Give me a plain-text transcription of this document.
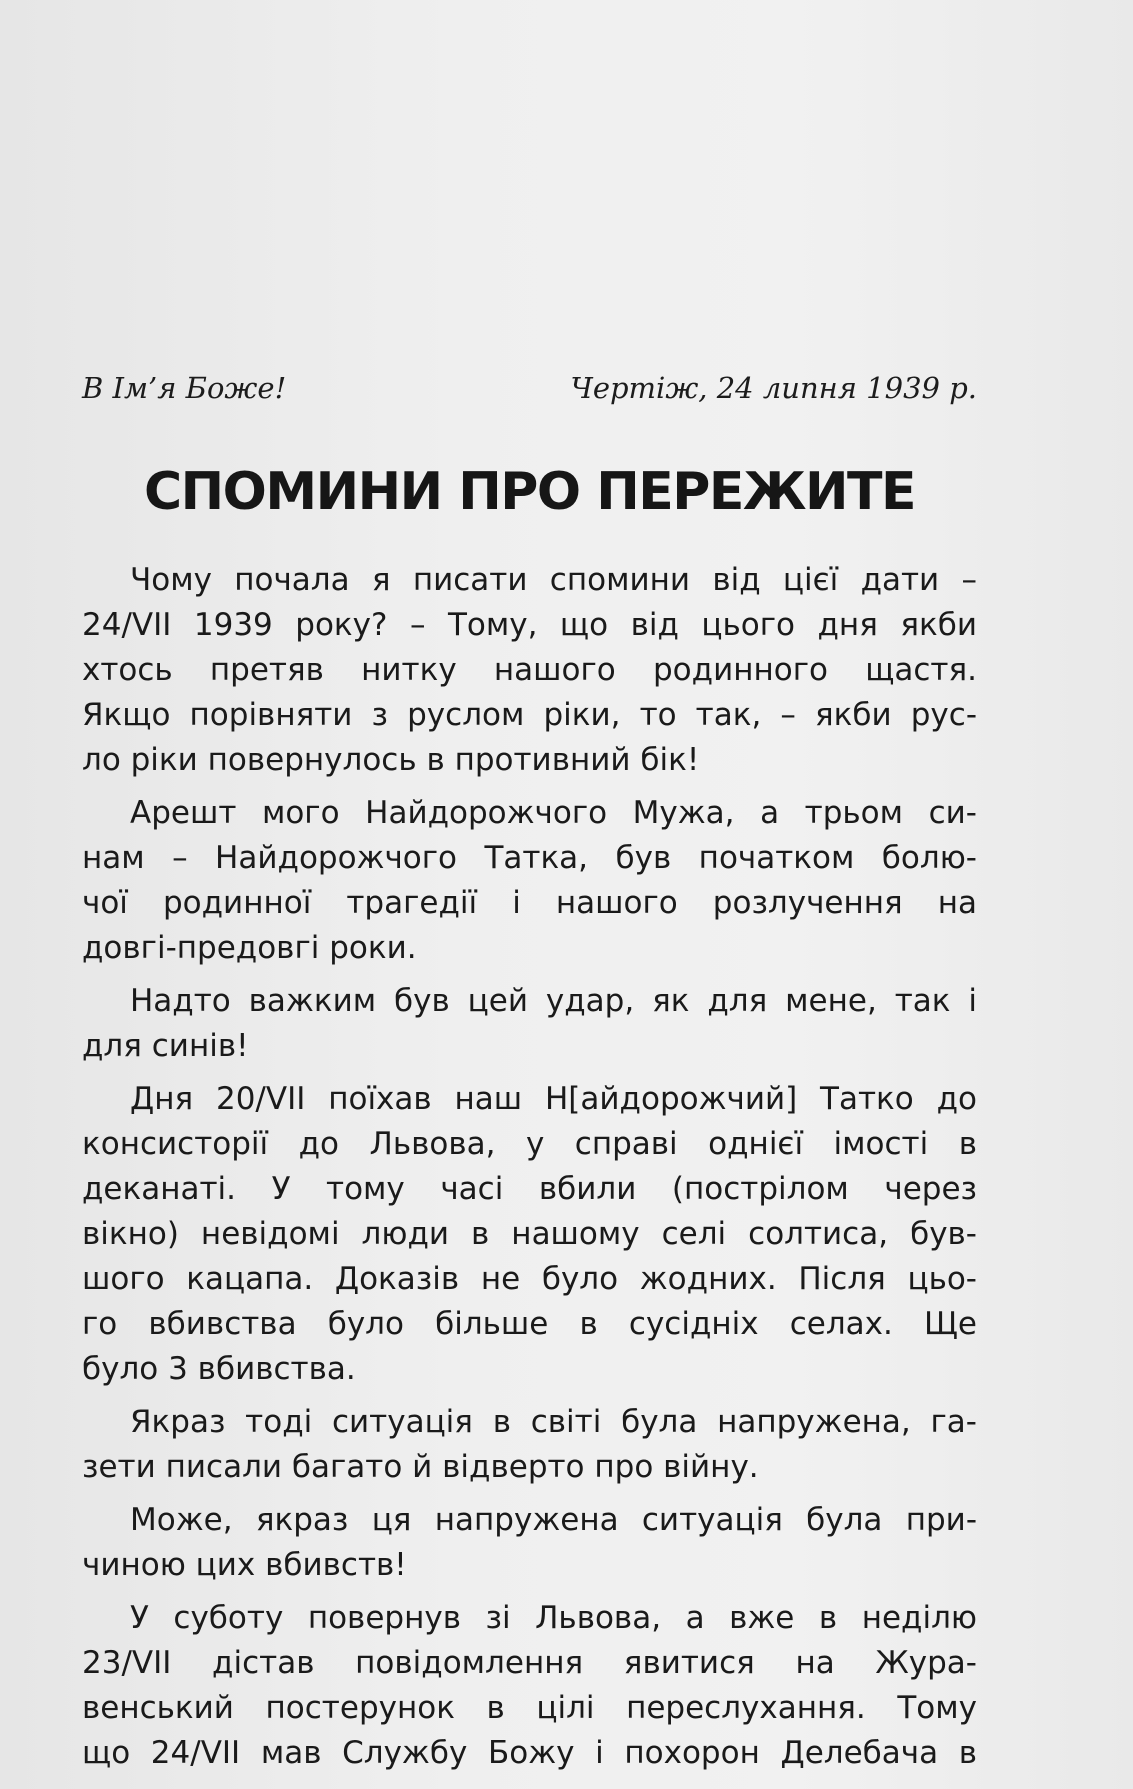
В Ім’я Боже!	Чертіж, 24 липня 1939 р.
СПОМИНИ ПРО ПЕРЕЖИТЕ
Чому почала я писати спомини від цієї дати –
24/VII 1939 року? – Тому, що від цього дня якби
хтось претяв нитку нашого родинного щастя.
Якщо порівняти з руслом ріки, то так, – якби рус-
ло ріки повернулось в противний бік!
Арешт мого Найдорожчого Мужа, а трьом си-
нам – Найдорожчого Татка, був початком болю-
чої родинної трагедії і нашого розлучення на
довгі-предовгі роки.
Надто важким був цей удар, як для мене, так і
для синів!
Дня 20/VII поїхав наш Н[айдорожчий] Татко до
консисторії до Львова, у справі однієї імості в
деканаті. У тому часі вбили (пострілом через
вікно) невідомі люди в нашому селі солтиса, був-
шого кацапа. Доказів не було жодних. Після цьо-
го вбивства було більше в сусідніх селах. Ще
було 3 вбивства.
Якраз тоді ситуація в світі була напружена, га-
зети писали багато й відверто про війну.
Може, якраз ця напружена ситуація була при-
чиною цих вбивств!
У суботу повернув зі Львова, а вже в неділю
23/VII дістав повідомлення явитися на Жура-
венський постерунок в цілі переслухання. Тому
що 24/VII мав Службу Божу і похорон Делебача в
